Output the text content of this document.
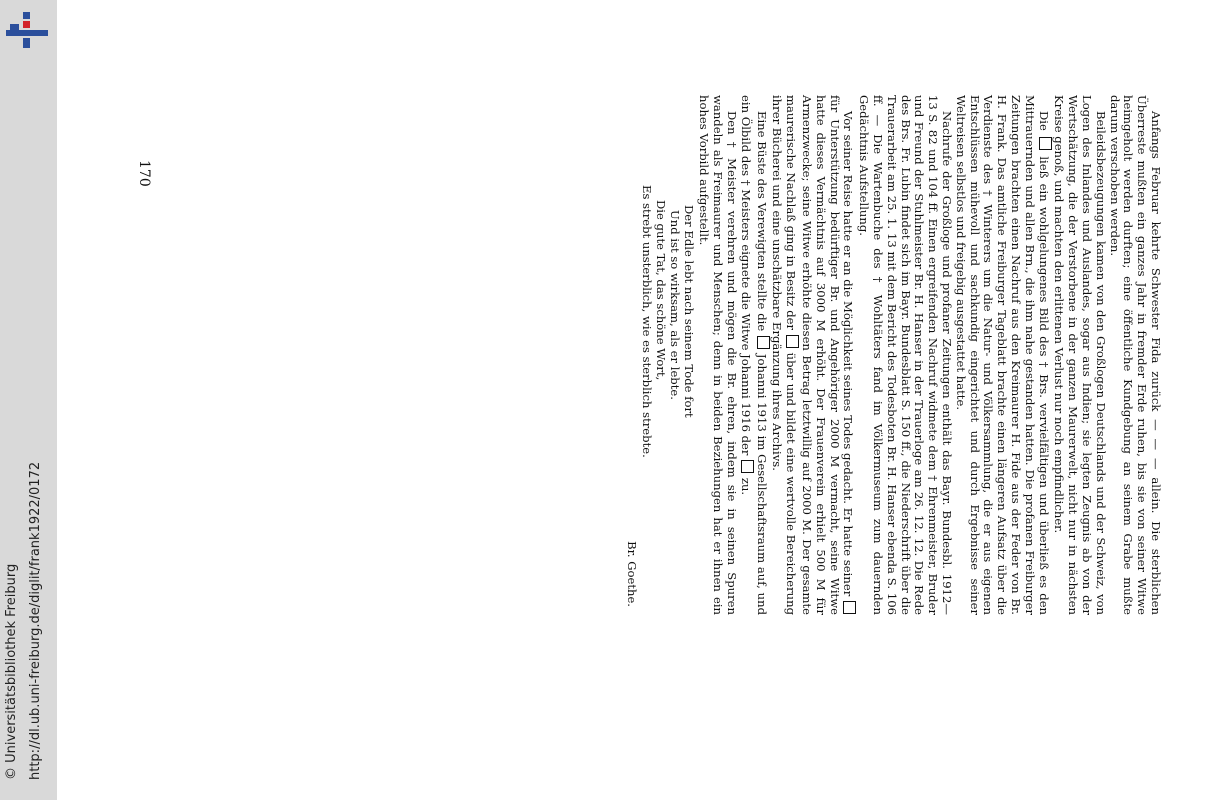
http://dl.ub.uni-freiburg.de/diglit/frank1922/0172
© Universitätsbibliothek Freiburg

Anfangs Februar kehrte Schwester Fida zurück — — — allein. Die sterblichen Überreste mußten ein ganzes Jahr in fremder Erde ruhen, bis sie von seiner Witwe heimgeholt werden durften; eine öffentliche Kundgebung an seinem Grabe mußte darum verschoben werden.

Beileidsbezeugungen kamen von den Großlogen Deutschlands und der Schweiz, von Logen des Inlandes und Auslandes, sogar aus Indien; sie legten Zeugnis ab von der Wertschätzung, die der Verstorbene in der ganzen Maurerwelt, nicht nur in nächsten Kreise genoß, und machten den erlittenen Verlust nur noch empfindlicher.

Die  ließ ein wohlgelungenes Bild des † Brs. vervielfältigen und überließ es den Mittrauernden und allen Brn., die ihm nahe gestanden hatten. Die profanen Freiburger Zeitungen brachten einen Nachruf aus den Kreimaurer H. Fide aus der Feder von Br. H. Frank. Das amtliche Freiburger Tageblatt brachte einen längeren Aufsatz über die Verdienste des † Winterers um die Natur- und Völkersammlung, die er aus eigenen Entschlüssen mühevoll und sachkundig eingerichtet und durch Ergebnisse seiner Weltreisen selbstlos und freigebig ausgestattet hatte.

Nachrufe der Großloge und profaner Zeitungen enthält das Bayr. Bundesbl. 1912—13 S. 82 und 104 ff. Einen ergreifenden Nachruf widmete dem † Ehrenmeister, Bruder und Freund der Stuhlmeister Br. H. Hanser in der Trauerloge am 26. 12. 12. Die Rede des Brs. Fr. Lubin findet sich im Bayr. Bundesblatt S. 150 ff., die Niederschrift über die Trauerarbeit am 25. 1. 13 mit dem Bericht des Todesboten Br. H. Hanser ebenda S. 106 ff. — Die Wartenbuche des † Wohltäters fand im Völkermuseum zum dauernden Gedächtnis Aufstellung.

Vor seiner Reise hatte er an die Möglichkeit seines Todes gedacht. Er hatte seiner  für Unterstützung bedürftiger Br. und Angehöriger 2000 M vermacht, seine Witwe hatte dieses Vermächtnis auf 3000 M erhöht. Der Frauenverein erhielt 500 M für Armenzwecke; seine Witwe erhöhte diesen Betrag letztwillig auf 2000 M. Der gesamte maurerische Nachlaß ging in Besitz der  über und bildet eine wertvolle Bereicherung ihrer Bücherei und eine unschätzbare Ergänzung ihres Archivs.

Eine Büste des Verewigten stellte die  Johanni 1913 im Gesellschaftsraum auf, und ein Ölbild des † Meisters eignete die Witwe Johanni 1916 der  zu.

Den † Meister verehren und mögen die Br. ehren, indem sie in seinen Spuren wandeln als Freimaurer und Menschen; denn in beiden Beziehungen hat er ihnen ein hohes Vorbild aufgestellt.

Der Edle lebt nach seinem Tode fort
Und ist so wirksam, als er lebte.
Die gute Tat, das schöne Wort,
Es strebt unsterblich, wie es sterblich strebte.
Br. Goethe.
170
